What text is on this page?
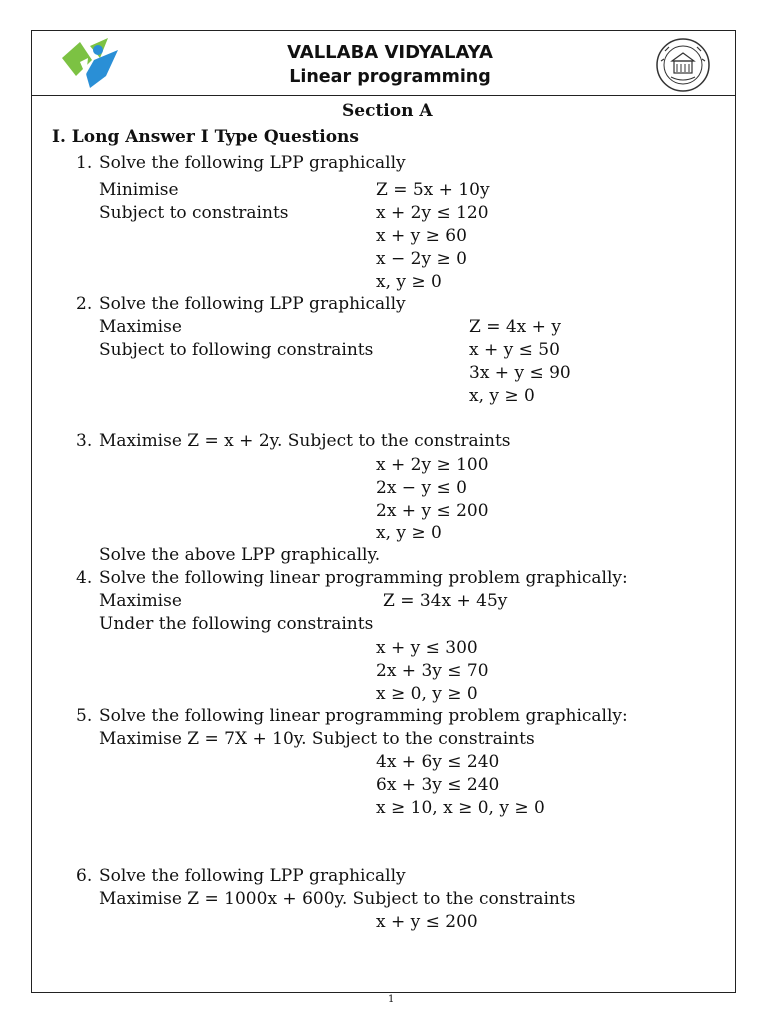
VALLABA VIDYALAYA
Linear programming
Section A
I. Long Answer I Type Questions
1. Solve the following LPP graphically
Minimise	Z = 5x + 10y
Subject to constraints	x + 2y ≤ 120
x + y ≥ 60
x − 2y ≥ 0
x, y ≥ 0
2. Solve the following LPP graphically
Maximise	Z = 4x + y
Subject to following constraints	x + y ≤ 50
3x + y ≤ 90
x, y ≥ 0
3. Maximise Z = x + 2y. Subject to the constraints
x + 2y ≥ 100
2x − y ≤ 0
2x + y ≤ 200
x, y ≥ 0
Solve the above LPP graphically.
4. Solve the following linear programming problem graphically:
Maximise	Z = 34x + 45y
Under the following constraints
x + y ≤ 300
2x + 3y ≤ 70
x ≥ 0, y ≥ 0
5. Solve the following linear programming problem graphically:
Maximise Z = 7X + 10y. Subject to the constraints
4x + 6y ≤ 240
6x + 3y ≤ 240
x ≥ 10, x ≥ 0, y ≥ 0
6. Solve the following LPP graphically
Maximise Z = 1000x + 600y. Subject to the constraints
x + y ≤ 200
1
